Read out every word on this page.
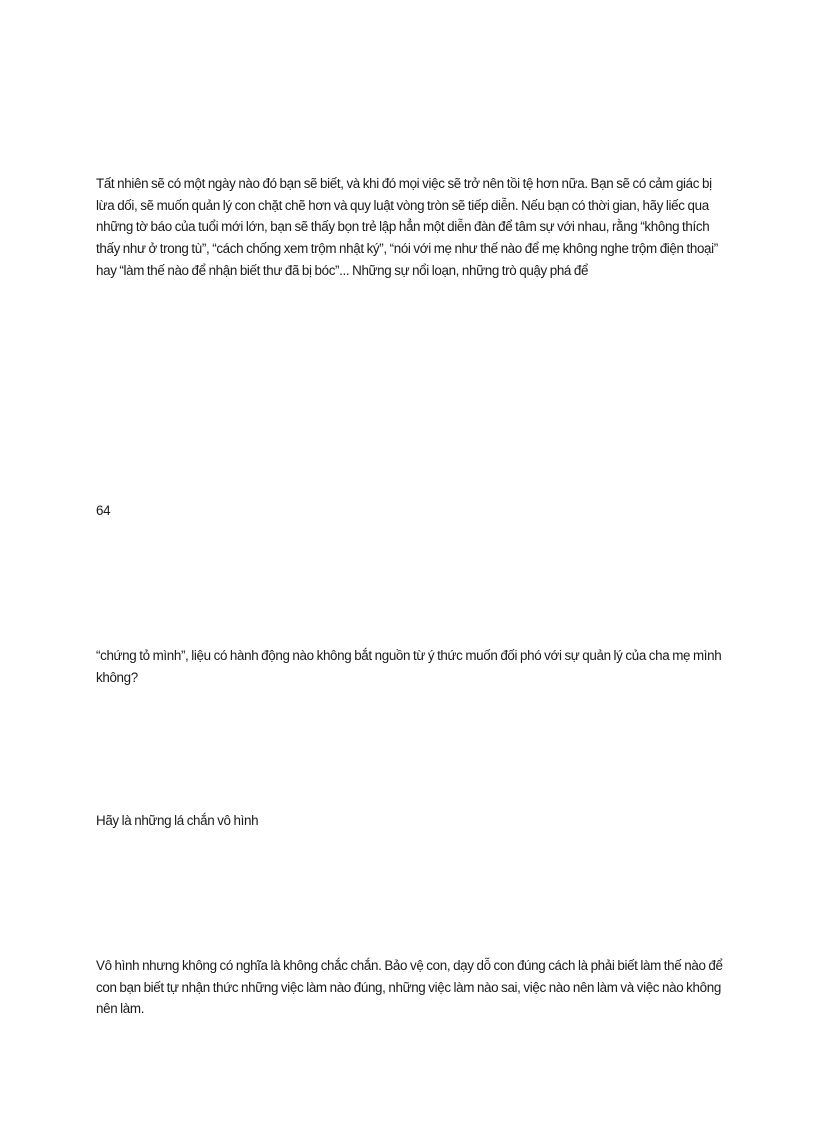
Tất nhiên sẽ có một ngày nào đó bạn sẽ biết, và khi đó mọi việc sẽ trở nên tồi tệ hơn nữa. Bạn sẽ có cảm giác bị lừa dối, sẽ muốn quản lý con chặt chẽ hơn và quy luật vòng tròn sẽ tiếp diễn. Nếu bạn có thời gian, hãy liếc qua những tờ báo của tuổi mới lớn, bạn sẽ thấy bọn trẻ lập hẳn một diễn đàn để tâm sự với nhau, rằng “không thích thấy như ở trong tù”, “cách chống xem trộm nhật ký”, “nói với mẹ như thế nào để mẹ không nghe trộm điện thoại” hay “làm thế nào để nhận biết thư đã bị bóc”... Những sự nổi loạn, những trò quậy phá để

64

“chứng tỏ mình”, liệu có hành động nào không bắt nguồn từ ý thức muốn đối phó với sự quản lý của cha mẹ mình không?

Hãy là những lá chắn vô hình

Vô hình nhưng không có nghĩa là không chắc chắn. Bảo vệ con, dạy dỗ con đúng cách là phải biết làm thế nào để con bạn biết tự nhận thức những việc làm nào đúng, những việc làm nào sai, việc nào nên làm và việc nào không nên làm.
